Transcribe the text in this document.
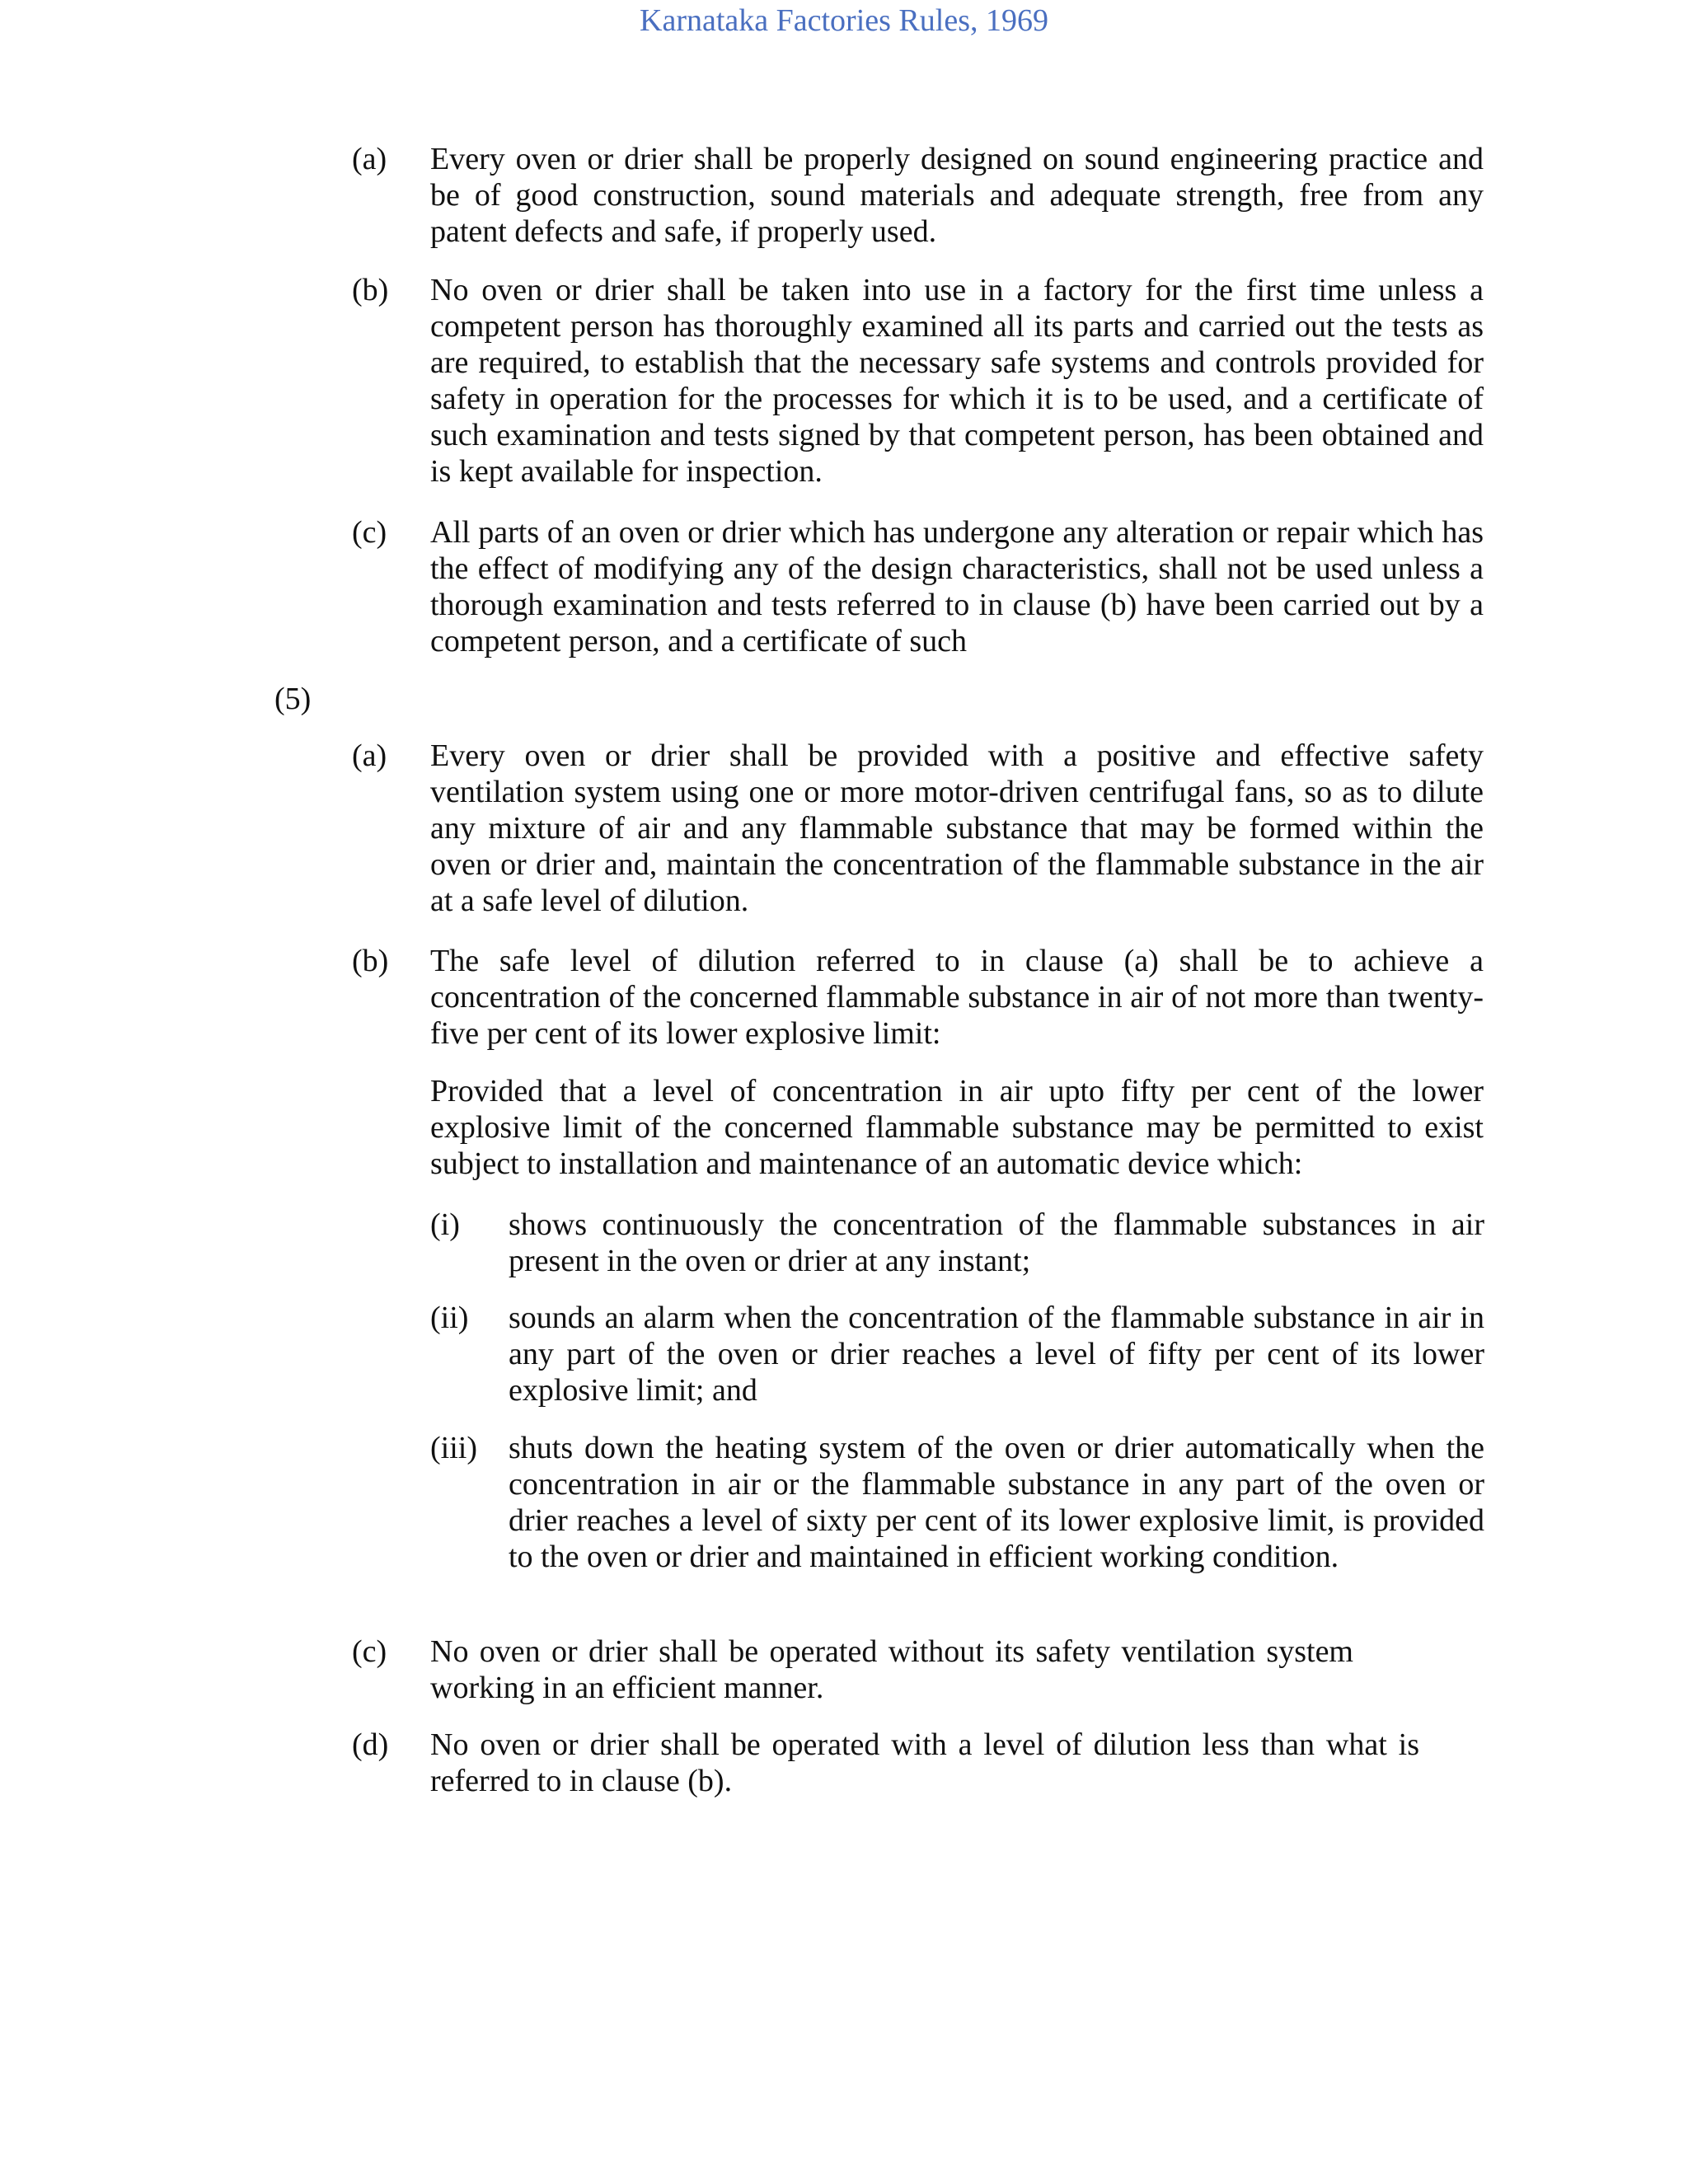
Karnataka Factories Rules, 1969
(a) Every oven or drier shall be properly designed on sound engineering practice and be of good construction, sound materials and adequate strength, free from any patent defects and safe, if properly used.

(b) No oven or drier shall be taken into use in a factory for the first time unless a competent person has thoroughly examined all its parts and carried out the tests as are required, to establish that the necessary safe systems and controls provided for safety in operation for the processes for which it is to be used, and a certificate of such examination and tests signed by that competent person, has been obtained and is kept available for inspection.

(c) All parts of an oven or drier which has undergone any alteration or repair which has the effect of modifying any of the design characteristics, shall not be used unless a thorough examination and tests referred to in clause (b) have been carried out by a competent person, and a certificate of such

(5)
(a) Every oven or drier shall be provided with a positive and effective safety ventilation system using one or more motor-driven centrifugal fans, so as to dilute any mixture of air and any flammable substance that may be formed within the oven or drier and, maintain the concentration of the flammable substance in the air at a safe level of dilution.

(b) The safe level of dilution referred to in clause (a) shall be to achieve a concentration of the concerned flammable substance in air of not more than twenty-five per cent of its lower explosive limit:

Provided that a level of concentration in air upto fifty per cent of the lower explosive limit of the concerned flammable substance may be permitted to exist subject to installation and maintenance of an automatic device which:

(i) shows continuously the concentration of the flammable substances in air present in the oven or drier at any instant;

(ii) sounds an alarm when the concentration of the flammable substance in air in any part of the oven or drier reaches a level of fifty per cent of its lower explosive limit; and

(iii) shuts down the heating system of the oven or drier automatically when the concentration in air or the flammable substance in any part of the oven or drier reaches a level of sixty per cent of its lower explosive limit, is provided to the oven or drier and maintained in efficient working condition.

(c) No oven or drier shall be operated without its safety ventilation system working in an efficient manner.

(d) No oven or drier shall be operated with a level of dilution less than what is referred to in clause (b).
